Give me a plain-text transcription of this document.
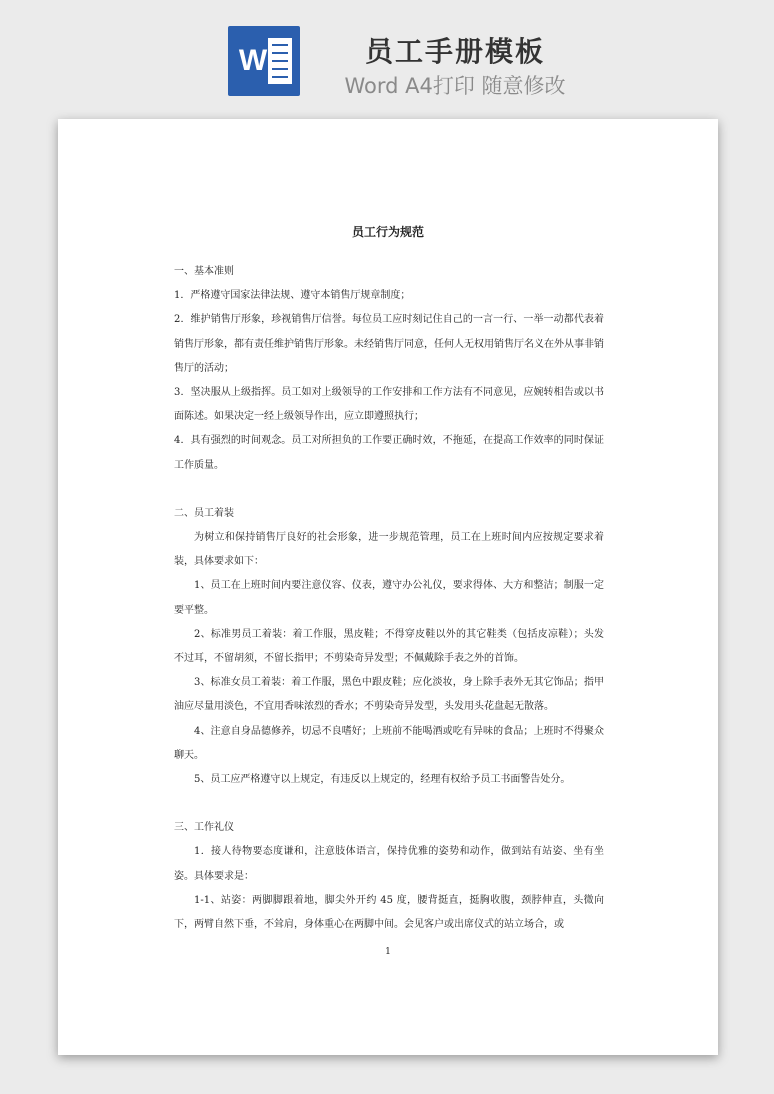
W	员工手册模板
Word A4打印 随意修改
员工行为规范

一、基本准则

1．严格遵守国家法律法规、遵守本销售厅规章制度；

2．维护销售厅形象，珍视销售厅信誉。每位员工应时刻记住自己的一言一行、一举一动都代表着销售厅形象，都有责任维护销售厅形象。未经销售厅同意，任何人无权用销售厅名义在外从事非销售厅的活动；

3．坚决服从上级指挥。员工如对上级领导的工作安排和工作方法有不同意见，应婉转相告或以书面陈述。如果决定一经上级领导作出，应立即遵照执行；

4．具有强烈的时间观念。员工对所担负的工作要正确时效，不拖延，在提高工作效率的同时保证工作质量。

二、员工着装

为树立和保持销售厅良好的社会形象，进一步规范管理，员工在上班时间内应按规定要求着装，具体要求如下：

1、员工在上班时间内要注意仪容、仪表，遵守办公礼仪，要求得体、大方和整洁；制服一定要平整。

2、标准男员工着装：着工作服，黑皮鞋；不得穿皮鞋以外的其它鞋类（包括皮凉鞋）；头发不过耳，不留胡须，不留长指甲；不剪染奇异发型；不佩戴除手表之外的首饰。

3、标准女员工着装：着工作服，黑色中跟皮鞋；应化淡妆，身上除手表外无其它饰品；指甲油应尽量用淡色，不宜用香味浓烈的香水；不剪染奇异发型，头发用头花盘起无散落。

4、注意自身品德修养，切忌不良嗜好；上班前不能喝酒或吃有异味的食品；上班时不得聚众聊天。

5、员工应严格遵守以上规定，有违反以上规定的，经理有权给予员工书面警告处分。

三、工作礼仪

1．接人待物要态度谦和，注意肢体语言，保持优雅的姿势和动作，做到站有站姿、坐有坐姿。具体要求是：

1-1、站姿：两脚脚跟着地，脚尖外开约 45 度，腰背挺直，挺胸收腹，颈脖伸直，头微向下，两臂自然下垂，不耸肩，身体重心在两脚中间。会见客户或出席仪式的站立场合，或

1
